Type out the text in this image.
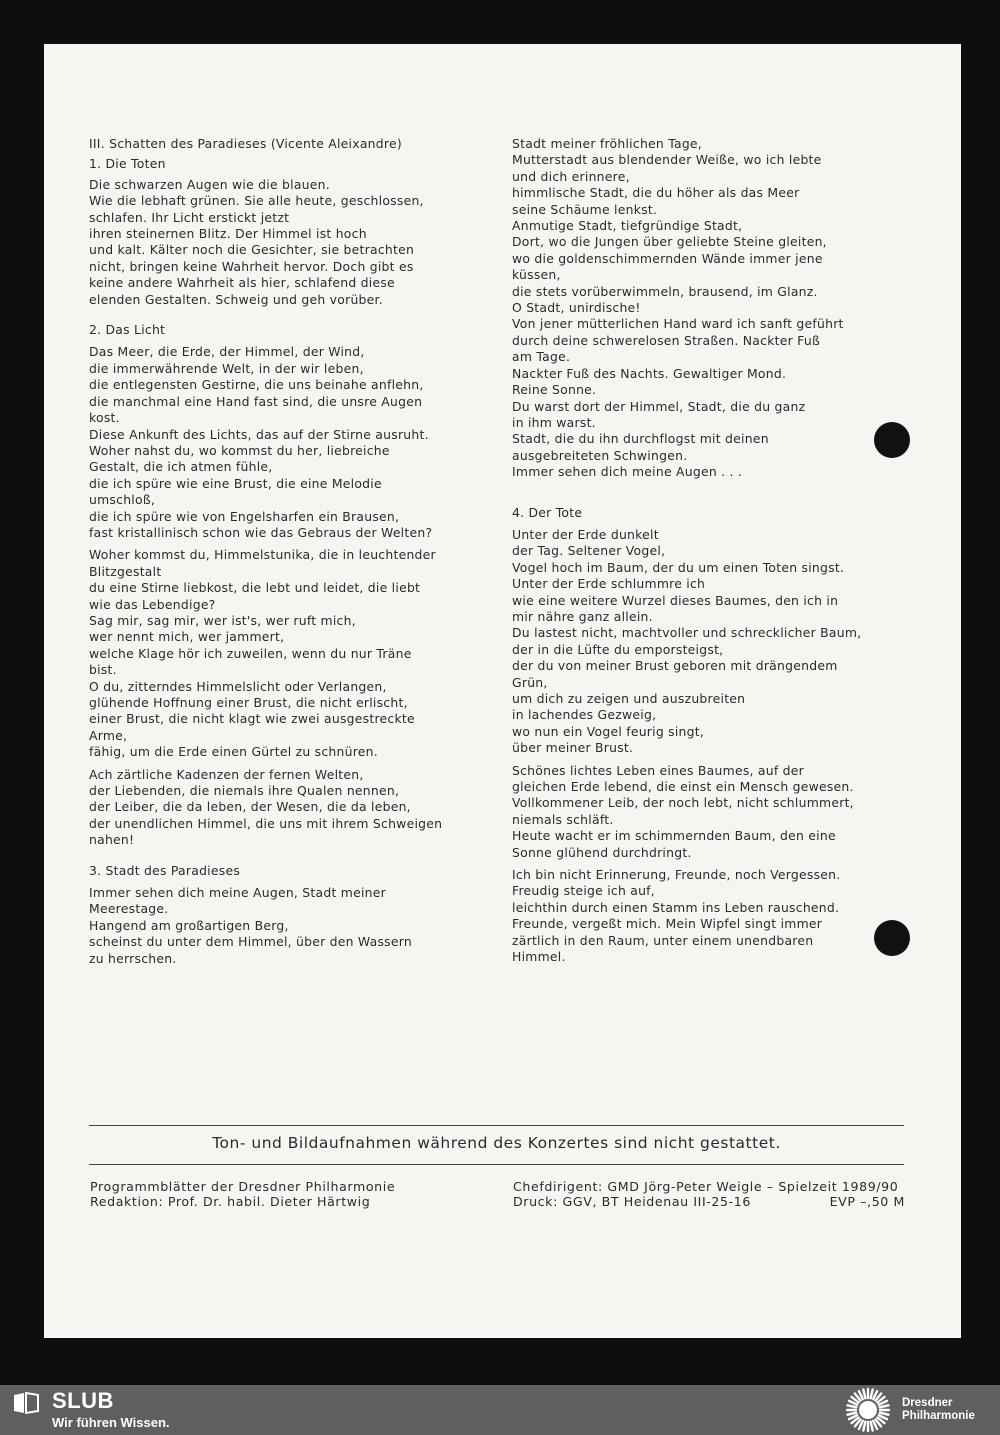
III. Schatten des Paradieses (Vicente Aleixandre)
1. Die Toten
Die schwarzen Augen wie die blauen.
Wie die lebhaft grünen. Sie alle heute, geschlossen,
schlafen. Ihr Licht erstickt jetzt
ihren steinernen Blitz. Der Himmel ist hoch
und kalt. Kälter noch die Gesichter, sie betrachten
nicht, bringen keine Wahrheit hervor. Doch gibt es
keine andere Wahrheit als hier, schlafend diese
elenden Gestalten. Schweig und geh vorüber.
2. Das Licht
Das Meer, die Erde, der Himmel, der Wind,
die immerwährende Welt, in der wir leben,
die entlegensten Gestirne, die uns beinahe anflehn,
die manchmal eine Hand fast sind, die unsre Augen
kost.
Diese Ankunft des Lichts, das auf der Stirne ausruht.
Woher nahst du, wo kommst du her, liebreiche
Gestalt, die ich atmen fühle,
die ich spüre wie eine Brust, die eine Melodie
umschloß,
die ich spüre wie von Engelsharfen ein Brausen,
fast kristallinisch schon wie das Gebraus der Welten?
Woher kommst du, Himmelstunika, die in leuchtender
Blitzgestalt
du eine Stirne liebkost, die lebt und leidet, die liebt
wie das Lebendige?
Sag mir, sag mir, wer ist's, wer ruft mich,
wer nennt mich, wer jammert,
welche Klage hör ich zuweilen, wenn du nur Träne
bist.
O du, zitterndes Himmelslicht oder Verlangen,
glühende Hoffnung einer Brust, die nicht erlischt,
einer Brust, die nicht klagt wie zwei ausgestreckte
Arme,
fähig, um die Erde einen Gürtel zu schnüren.
Ach zärtliche Kadenzen der fernen Welten,
der Liebenden, die niemals ihre Qualen nennen,
der Leiber, die da leben, der Wesen, die da leben,
der unendlichen Himmel, die uns mit ihrem Schweigen
nahen!
3. Stadt des Paradieses
Immer sehen dich meine Augen, Stadt meiner
Meerestage.
Hangend am großartigen Berg,
scheinst du unter dem Himmel, über den Wassern
zu herrschen.
Stadt meiner fröhlichen Tage,
Mutterstadt aus blendender Weiße, wo ich lebte
und dich erinnere,
himmlische Stadt, die du höher als das Meer
seine Schäume lenkst.
Anmutige Stadt, tiefgründige Stadt,
Dort, wo die Jungen über geliebte Steine gleiten,
wo die goldenschimmernden Wände immer jene
küssen,
die stets vorüberwimmeln, brausend, im Glanz.
O Stadt, unirdische!
Von jener mütterlichen Hand ward ich sanft geführt
durch deine schwerelosen Straßen. Nackter Fuß
am Tage.
Nackter Fuß des Nachts. Gewaltiger Mond.
Reine Sonne.
Du warst dort der Himmel, Stadt, die du ganz
in ihm warst.
Stadt, die du ihn durchflogst mit deinen
ausgebreiteten Schwingen.
Immer sehen dich meine Augen . . .
4. Der Tote
Unter der Erde dunkelt
der Tag. Seltener Vogel,
Vogel hoch im Baum, der du um einen Toten singst.
Unter der Erde schlummre ich
wie eine weitere Wurzel dieses Baumes, den ich in
mir nähre ganz allein.
Du lastest nicht, machtvoller und schrecklicher Baum,
der in die Lüfte du emporsteigst,
der du von meiner Brust geboren mit drängendem
Grün,
um dich zu zeigen und auszubreiten
in lachendes Gezweig,
wo nun ein Vogel feurig singt,
über meiner Brust.
Schönes lichtes Leben eines Baumes, auf der
gleichen Erde lebend, die einst ein Mensch gewesen.
Vollkommener Leib, der noch lebt, nicht schlummert,
niemals schläft.
Heute wacht er im schimmernden Baum, den eine
Sonne glühend durchdringt.
Ich bin nicht Erinnerung, Freunde, noch Vergessen.
Freudig steige ich auf,
leichthin durch einen Stamm ins Leben rauschend.
Freunde, vergeßt mich. Mein Wipfel singt immer
zärtlich in den Raum, unter einem unendbaren
Himmel.
Ton- und Bildaufnahmen während des Konzertes sind nicht gestattet.
Programmblätter der Dresdner Philharmonie
Redaktion: Prof. Dr. habil. Dieter Härtwig
Chefdirigent: GMD Jörg-Peter Weigle – Spielzeit 1989/90
Druck: GGV, BT Heidenau III-25-16	EVP –,50 M
SLUB
Wir führen Wissen.
Dresdner
Philharmonie
